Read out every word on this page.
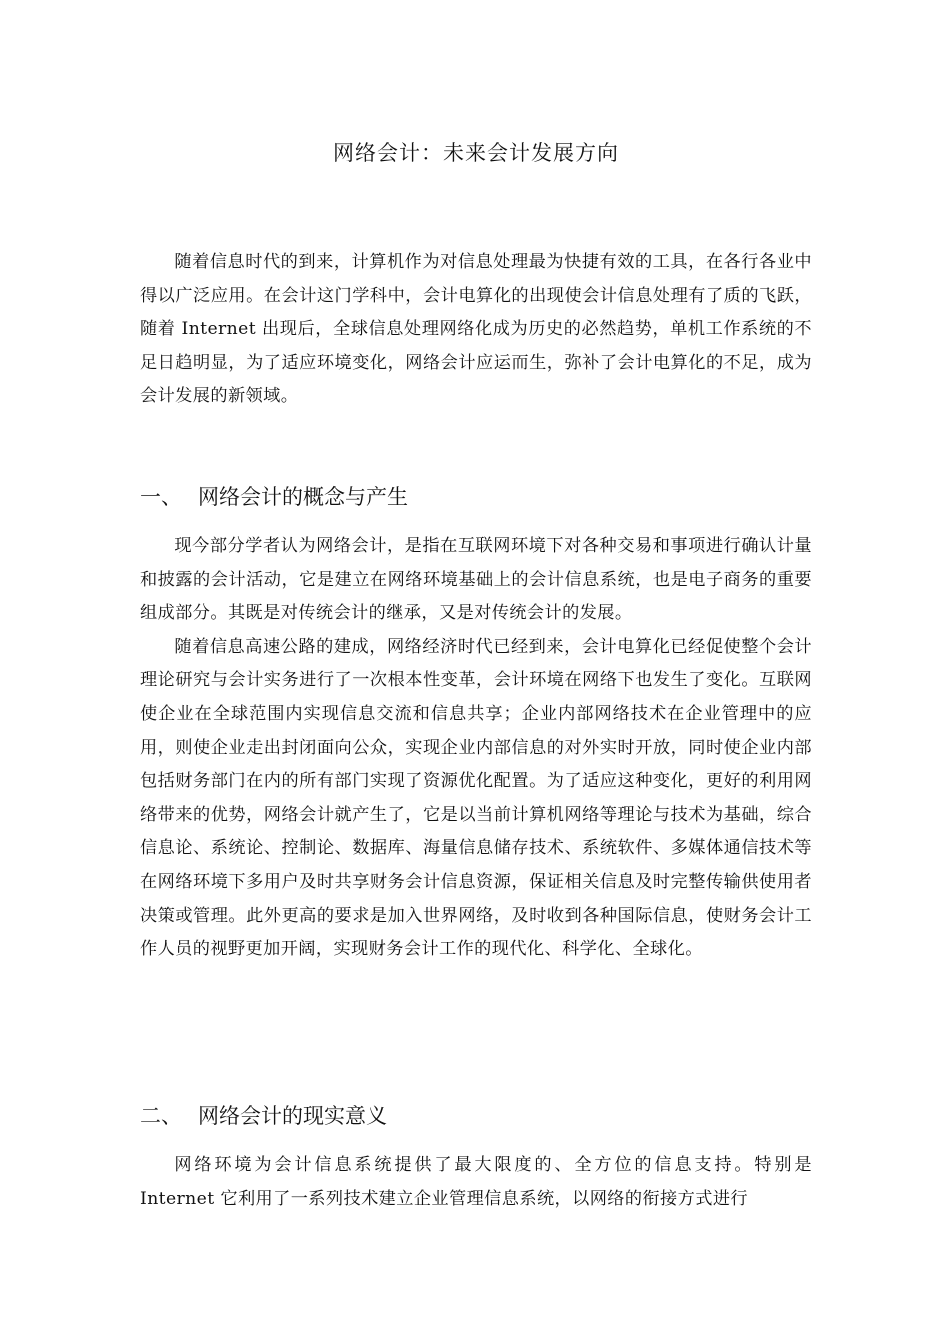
网络会计：未来会计发展方向

随着信息时代的到来，计算机作为对信息处理最为快捷有效的工具，在各行各业中得以广泛应用。在会计这门学科中，会计电算化的出现使会计信息处理有了质的飞跃，随着 Internet 出现后，全球信息处理网络化成为历史的必然趋势，单机工作系统的不足日趋明显，为了适应环境变化，网络会计应运而生，弥补了会计电算化的不足，成为会计发展的新领域。

一、 网络会计的概念与产生

现今部分学者认为网络会计，是指在互联网环境下对各种交易和事项进行确认计量和披露的会计活动，它是建立在网络环境基础上的会计信息系统，也是电子商务的重要组成部分。其既是对传统会计的继承，又是对传统会计的发展。

随着信息高速公路的建成，网络经济时代已经到来，会计电算化已经促使整个会计理论研究与会计实务进行了一次根本性变革，会计环境在网络下也发生了变化。互联网使企业在全球范围内实现信息交流和信息共享；企业内部网络技术在企业管理中的应用，则使企业走出封闭面向公众，实现企业内部信息的对外实时开放，同时使企业内部包括财务部门在内的所有部门实现了资源优化配置。为了适应这种变化，更好的利用网络带来的优势，网络会计就产生了，它是以当前计算机网络等理论与技术为基础，综合信息论、系统论、控制论、数据库、海量信息储存技术、系统软件、多媒体通信技术等在网络环境下多用户及时共享财务会计信息资源，保证相关信息及时完整传输供使用者决策或管理。此外更高的要求是加入世界网络，及时收到各种国际信息，使财务会计工作人员的视野更加开阔，实现财务会计工作的现代化、科学化、全球化。

二、 网络会计的现实意义

网络环境为会计信息系统提供了最大限度的、全方位的信息支持。特别是 Internet 它利用了一系列技术建立企业管理信息系统，以网络的衔接方式进行
